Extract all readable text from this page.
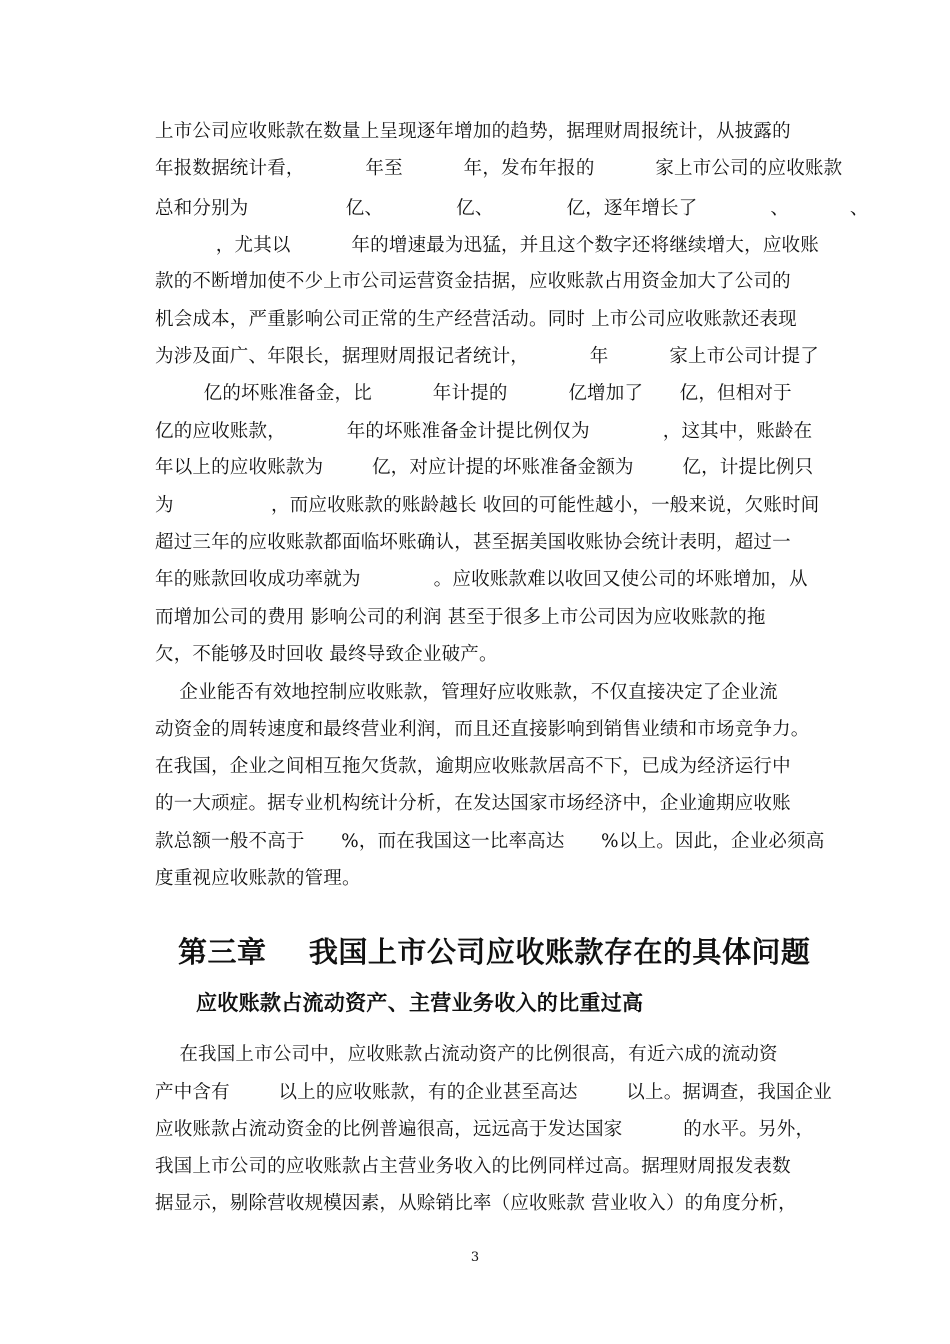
上市公司应收账款在数量上呈现逐年增加的趋势，据理财周报统计，从披露的
年报数据统计看，          年至          年，发布年报的          家上市公司的应收账款
总和分别为                亿、            亿、            亿，逐年增长了            、          、
，尤其以          年的增速最为迅猛，并且这个数字还将继续增大，应收账
款的不断增加使不少上市公司运营资金拮据，应收账款占用资金加大了公司的
机会成本，严重影响公司正常的生产经营活动。同时 上市公司应收账款还表现
为涉及面广、年限长，据理财周报记者统计，          年          家上市公司计提了
亿的坏账准备金，比          年计提的          亿增加了      亿，但相对于
亿的应收账款，          年的坏账准备金计提比例仅为            ，这其中，账龄在
年以上的应收账款为        亿，对应计提的坏账准备金额为        亿，计提比例只
为                ，而应收账款的账龄越长 收回的可能性越小，一般来说，欠账时间
超过三年的应收账款都面临坏账确认，甚至据美国收账协会统计表明，超过一
年的账款回收成功率就为            。应收账款难以收回又使公司的坏账增加，从
而增加公司的费用 影响公司的利润 甚至于很多上市公司因为应收账款的拖
欠，不能够及时回收 最终导致企业破产。
企业能否有效地控制应收账款，管理好应收账款，不仅直接决定了企业流
动资金的周转速度和最终营业利润，而且还直接影响到销售业绩和市场竞争力。
在我国，企业之间相互拖欠货款，逾期应收账款居高不下，已成为经济运行中
的一大顽症。据专业机构统计分析，在发达国家市场经济中，企业逾期应收账
款总额一般不高于      %，而在我国这一比率高达      %以上。因此，企业必须高
度重视应收账款的管理。
第三章    我国上市公司应收账款存在的具体问题
应收账款占流动资产、主营业务收入的比重过高
在我国上市公司中，应收账款占流动资产的比例很高，有近六成的流动资
产中含有        以上的应收账款，有的企业甚至高达        以上。据调查，我国企业
应收账款占流动资金的比例普遍很高，远远高于发达国家          的水平。另外，
我国上市公司的应收账款占主营业务收入的比例同样过高。据理财周报发表数
据显示，剔除营收规模因素，从赊销比率（应收账款 营业收入）的角度分析，
3
